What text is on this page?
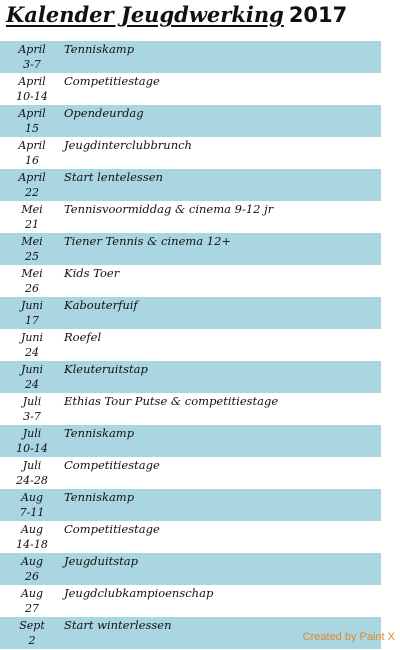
Kalender Jeugdwerking 2017
April
3-7
Tenniskamp
April
10-14
Competitiestage
April
15
Opendeurdag
April
16
Jeugdinterclubbrunch
April
22
Start lentelessen
Mei
21
Tennisvoormiddag & cinema 9-12 jr
Mei
25
Tiener Tennis & cinema 12+
Mei
26
Kids Toer
Juni
17
Kabouterfuif
Juni
24
Roefel
Juni
24
Kleuteruitstap
Juli
3-7
Ethias Tour Putse & competitiestage
Juli
10-14
Tenniskamp
Juli
24-28
Competitiestage
Aug
7-11
Tenniskamp
Aug
14-18
Competitiestage
Aug
26
Jeugduitstap
Aug
27
Jeugdclubkampioenschap
Sept
2
Start winterlessen
Created by Paint X
